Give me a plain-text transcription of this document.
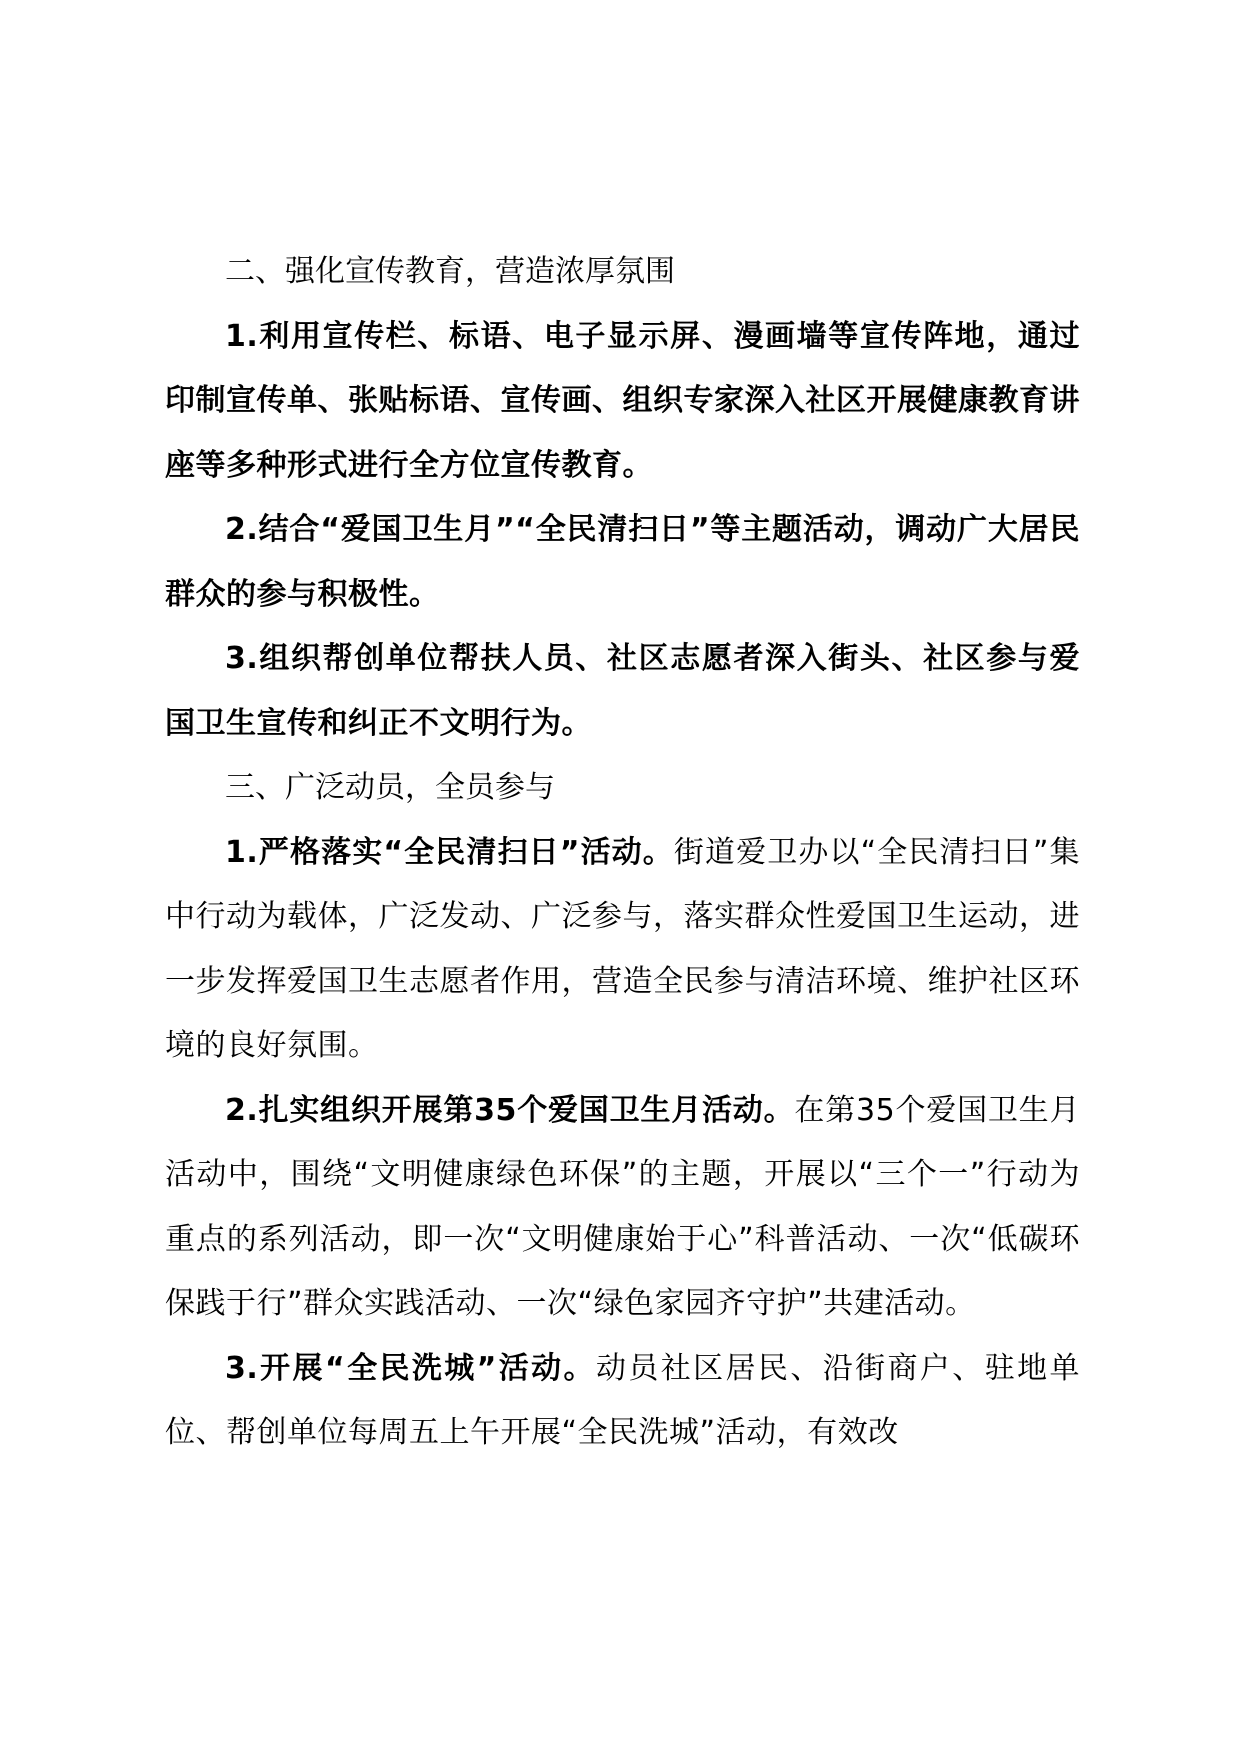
二、强化宣传教育，营造浓厚氛围

1.利用宣传栏、标语、电子显示屏、漫画墙等宣传阵地，通过印制宣传单、张贴标语、宣传画、组织专家深入社区开展健康教育讲座等多种形式进行全方位宣传教育。

2.结合“爱国卫生月”“全民清扫日”等主题活动，调动广大居民群众的参与积极性。

3.组织帮创单位帮扶人员、社区志愿者深入街头、社区参与爱国卫生宣传和纠正不文明行为。

三、广泛动员，全员参与

1.严格落实“全民清扫日”活动。街道爱卫办以“全民清扫日”集中行动为载体，广泛发动、广泛参与，落实群众性爱国卫生运动，进一步发挥爱国卫生志愿者作用，营造全民参与清洁环境、维护社区环境的良好氛围。

2.扎实组织开展第35个爱国卫生月活动。在第35个爱国卫生月活动中，围绕“文明健康绿色环保”的主题，开展以“三个一”行动为重点的系列活动，即一次“文明健康始于心”科普活动、一次“低碳环保践于行”群众实践活动、一次“绿色家园齐守护”共建活动。

3.开展“全民洗城”活动。动员社区居民、沿街商户、驻地单位、帮创单位每周五上午开展“全民洗城”活动，有效改
